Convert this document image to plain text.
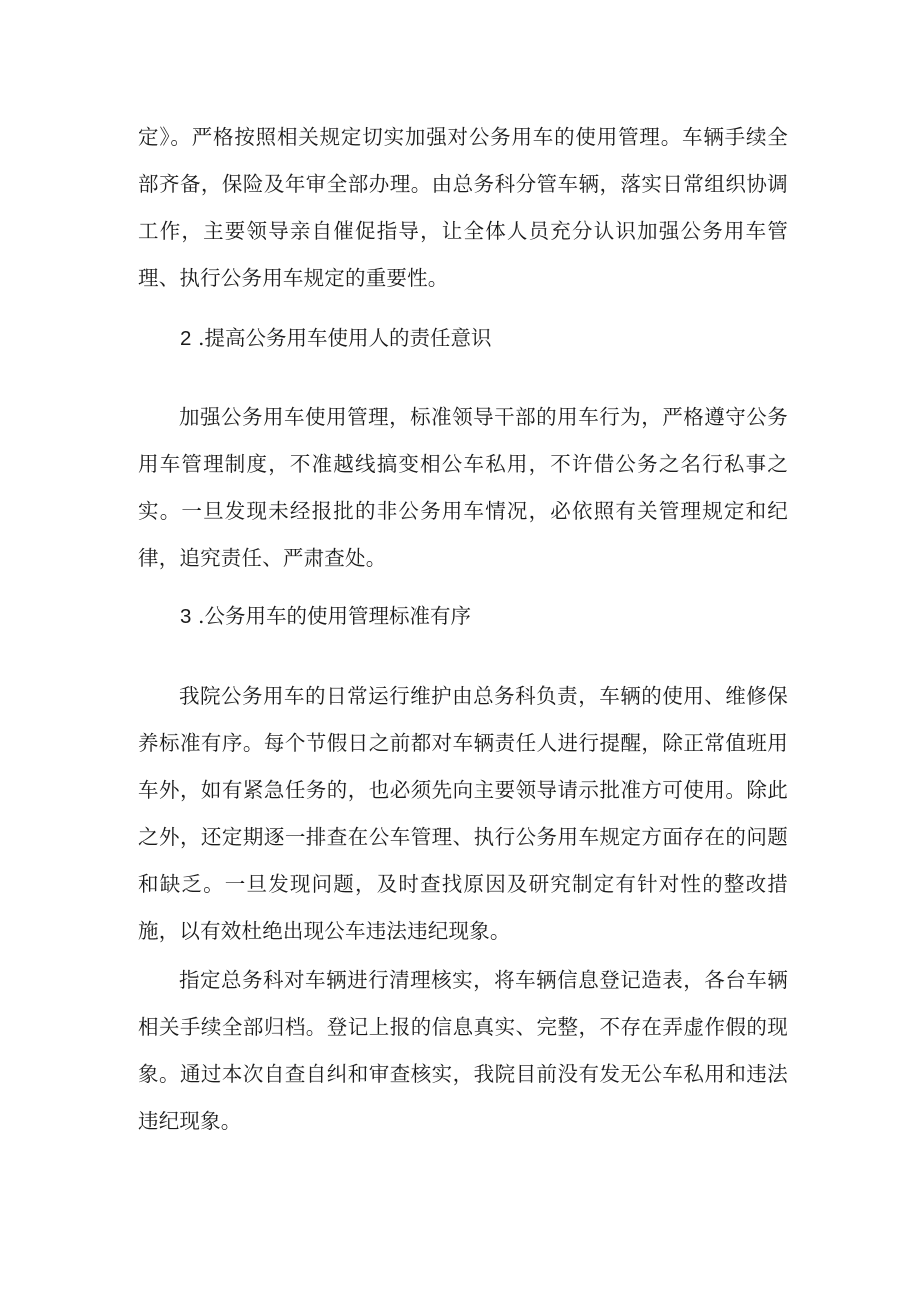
定》。严格按照相关规定切实加强对公务用车的使用管理。车辆手续全部齐备，保险及年审全部办理。由总务科分管车辆，落实日常组织协调工作，主要领导亲自催促指导，让全体人员充分认识加强公务用车管理、执行公务用车规定的重要性。

2 .提高公务用车使用人的责任意识

加强公务用车使用管理，标准领导干部的用车行为，严格遵守公务用车管理制度，不准越线搞变相公车私用，不许借公务之名行私事之实。一旦发现未经报批的非公务用车情况，必依照有关管理规定和纪律，追究责任、严肃查处。

3 .公务用车的使用管理标准有序

我院公务用车的日常运行维护由总务科负责，车辆的使用、维修保养标准有序。每个节假日之前都对车辆责任人进行提醒，除正常值班用车外，如有紧急任务的，也必须先向主要领导请示批准方可使用。除此之外，还定期逐一排查在公车管理、执行公务用车规定方面存在的问题和缺乏。一旦发现问题，及时查找原因及研究制定有针对性的整改措施，以有效杜绝出现公车违法违纪现象。

指定总务科对车辆进行清理核实，将车辆信息登记造表，各台车辆相关手续全部归档。登记上报的信息真实、完整，不存在弄虚作假的现象。通过本次自查自纠和审查核实，我院目前没有发无公车私用和违法违纪现象。
